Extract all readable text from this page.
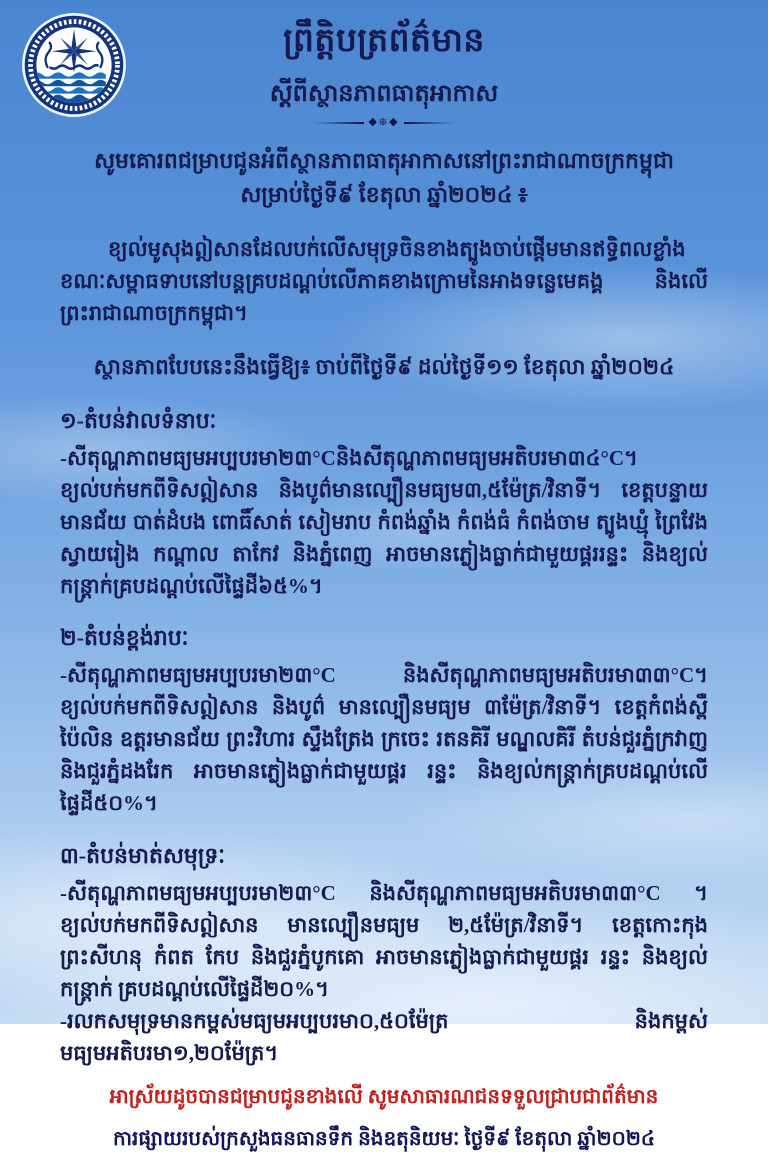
ព្រឹត្តិបត្រព័ត៌មាន
ស្តីពីស្ថានភាពធាតុអាកាស
◆᪥◆
សូមគោរពជម្រាបជូនអំពីស្ថានភាពធាតុអាកាសនៅព្រះរាជាណាចក្រកម្ពុជា
សម្រាប់ថ្ងៃទី៩ ខែតុលា ឆ្នាំ២០២៤ ៖
ខ្យល់មូសុងឦសានដែលបក់លើសមុទ្រចិនខាងត្បូងចាប់ផ្ដើមមានឥទ្ធិពលខ្លាំង ខណៈសម្ពាធទាបនៅបន្តគ្របដណ្ដប់លើភាគខាងក្រោមនៃអាងទន្លេមេគង្គ និងលើព្រះរាជាណាចក្រកម្ពុជា។
ស្ថានភាពបែបនេះនឹងធ្វើឱ្យ៖ ចាប់ពីថ្ងៃទី៩ ដល់ថ្ងៃទី១១ ខែតុលា ឆ្នាំ២០២៤
១-តំបន់វាលទំនាបៈ
-សីតុណ្ហភាពមធ្យមអប្បបរមា២៣°Cនិងសីតុណ្ហភាពមធ្យមអតិបរមា៣៤°C។ ខ្យល់បក់មកពីទិសឦសាន និងបូព៌មានល្បឿនមធ្យម៣,៥ម៉ែត្រ/វិនាទី។ ខេត្តបន្ទាយមានជ័យ បាត់ដំបង ពោធិ៍សាត់ សៀមរាប កំពង់ឆ្នាំង កំពង់ធំ កំពង់ចាម ត្បូងឃ្មុំ ព្រៃវែង ស្វាយរៀង កណ្តាល តាកែវ និងភ្នំពេញ អាចមានភ្លៀងធ្លាក់ជាមួយផ្គររន្ទះ និងខ្យល់កន្ត្រាក់គ្របដណ្តប់លើផ្ទៃដី៦៥%។
២-តំបន់ខ្ពង់រាបៈ
-សីតុណ្ហភាពមធ្យមអប្បបរមា២៣°C និងសីតុណ្ហភាពមធ្យមអតិបរមា៣៣°C។ ខ្យល់បក់មកពីទិសឦសាន និងបូព៌ មានល្បឿនមធ្យម ៣ម៉ែត្រ/វិនាទី។ ខេត្តកំពង់ស្ពឺ ប៉ៃលិន ឧត្តរមានជ័យ ព្រះវិហារ ស្ទឹងត្រែង ក្រចេះ រតនគិរី មណ្ឌលគិរី តំបន់ជួរភ្នំក្រវាញ និងជួរភ្នំដងរែក អាចមានភ្លៀងធ្លាក់ជាមួយផ្គរ រន្ទះ និងខ្យល់កន្ត្រាក់គ្របដណ្តប់លើផ្ទៃដី៥០%។
៣-តំបន់មាត់សមុទ្រៈ
-សីតុណ្ហភាពមធ្យមអប្បបរមា២៣°C និងសីតុណ្ហភាពមធ្យមអតិបរមា៣៣°C ។ ខ្យល់បក់មកពីទិសឦសាន មានល្បឿនមធ្យម ២,៥ម៉ែត្រ/វិនាទី។ ខេត្តកោះកុង ព្រះសីហនុ កំពត កែប និងជួរភ្នំបូកគោ អាចមានភ្លៀងធ្លាក់ជាមួយផ្គរ រន្ទះ និងខ្យល់កន្ត្រាក់ គ្របដណ្តប់លើផ្ទៃដី២០%។
-រលកសមុទ្រមានកម្ពស់មធ្យមអប្បបរមា០,៥០ម៉ែត្រ និងកម្ពស់មធ្យមអតិបរមា១,២០ម៉ែត្រ។
អាស្រ័យដូចបានជម្រាបជូនខាងលើ សូមសាធារណជនទទួលជ្រាបជាព័ត៌មាន
ការផ្សាយរបស់ក្រសួងធនធានទឹក និងឧតុនិយមៈ ថ្ងៃទី៩ ខែតុលា ឆ្នាំ២០២៤
